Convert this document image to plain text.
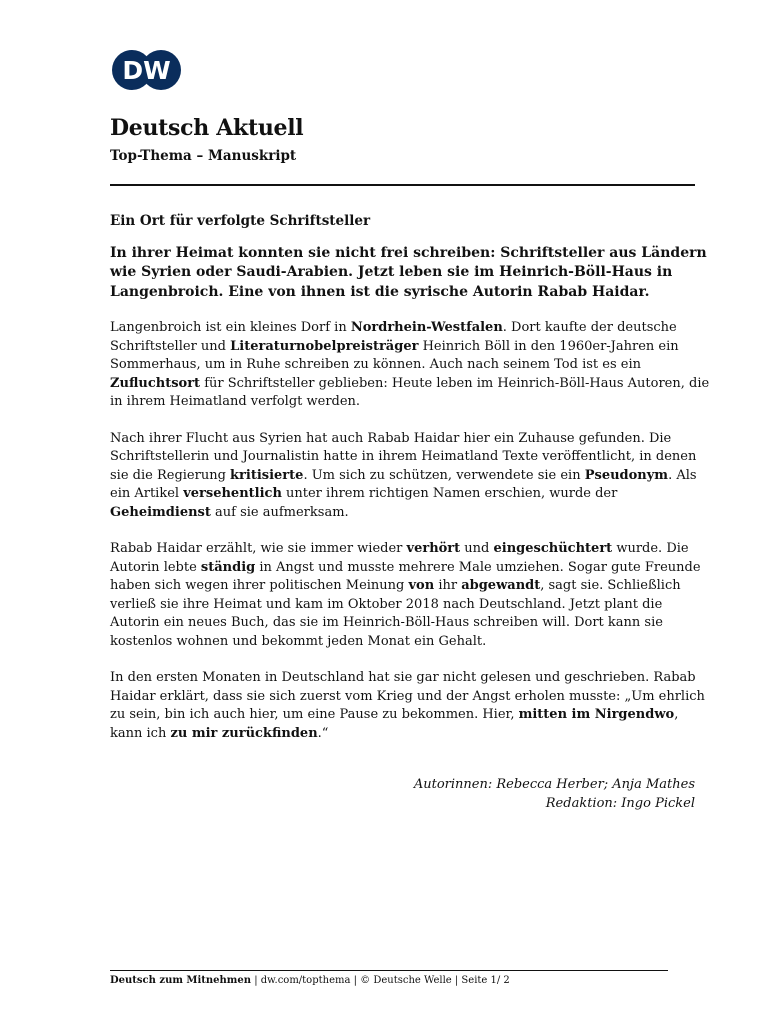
DW
Deutsch Aktuell
Top-Thema – Manuskript

Ein Ort für verfolgte Schriftsteller

In ihrer Heimat konnten sie nicht frei schreiben: Schriftsteller aus Ländern wie Syrien oder Saudi-Arabien. Jetzt leben sie im Heinrich-Böll-Haus in Langenbroich. Eine von ihnen ist die syrische Autorin Rabab Haidar.

Langenbroich ist ein kleines Dorf in Nordrhein-Westfalen. Dort kaufte der deutsche Schriftsteller und Literaturnobelpreisträger Heinrich Böll in den 1960er-Jahren ein Sommerhaus, um in Ruhe schreiben zu können. Auch nach seinem Tod ist es ein Zufluchtsort für Schriftsteller geblieben: Heute leben im Heinrich-Böll-Haus Autoren, die in ihrem Heimatland verfolgt werden.

Nach ihrer Flucht aus Syrien hat auch Rabab Haidar hier ein Zuhause gefunden. Die Schriftstellerin und Journalistin hatte in ihrem Heimatland Texte veröffentlicht, in denen sie die Regierung kritisierte. Um sich zu schützen, verwendete sie ein Pseudonym. Als ein Artikel versehentlich unter ihrem richtigen Namen erschien, wurde der Geheimdienst auf sie aufmerksam.

Rabab Haidar erzählt, wie sie immer wieder verhört und eingeschüchtert wurde. Die Autorin lebte ständig in Angst und musste mehrere Male umziehen. Sogar gute Freunde haben sich wegen ihrer politischen Meinung von ihr abgewandt, sagt sie. Schließlich verließ sie ihre Heimat und kam im Oktober 2018 nach Deutschland. Jetzt plant die Autorin ein neues Buch, das sie im Heinrich-Böll-Haus schreiben will. Dort kann sie kostenlos wohnen und bekommt jeden Monat ein Gehalt.

In den ersten Monaten in Deutschland hat sie gar nicht gelesen und geschrieben. Rabab Haidar erklärt, dass sie sich zuerst vom Krieg und der Angst erholen musste: „Um ehrlich zu sein, bin ich auch hier, um eine Pause zu bekommen. Hier, mitten im Nirgendwo, kann ich zu mir zurückfinden.“

Autorinnen: Rebecca Herber; Anja Mathes
Redaktion: Ingo Pickel
Deutsch zum Mitnehmen | dw.com/topthema | © Deutsche Welle | Seite 1/ 2
